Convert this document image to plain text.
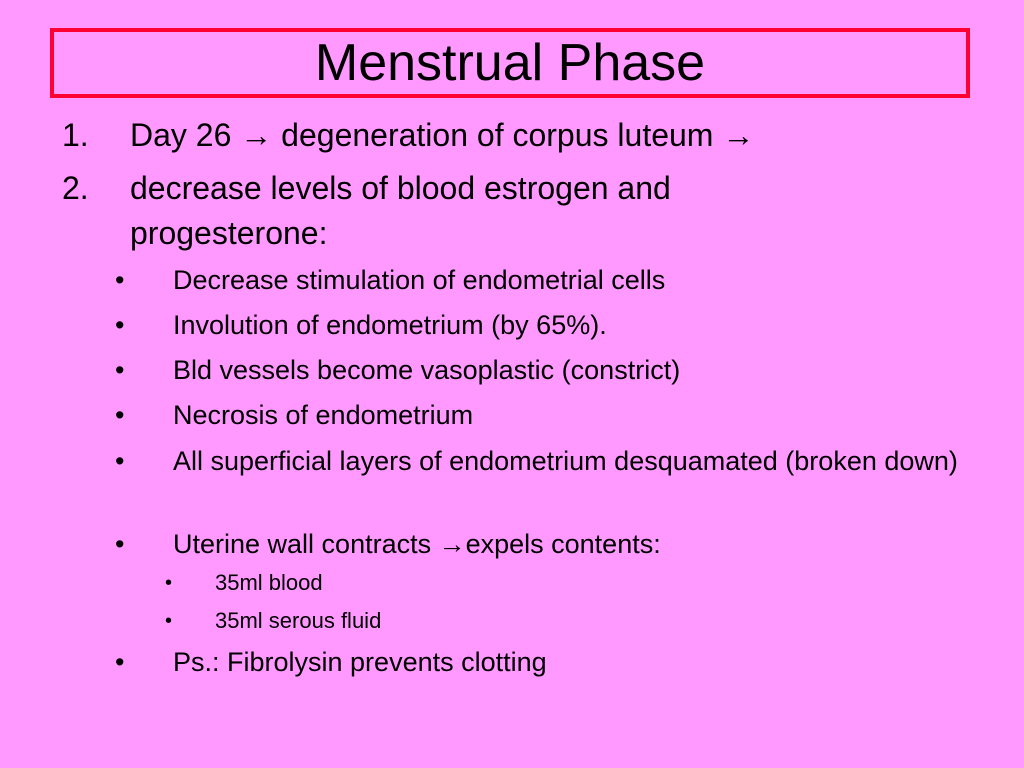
Menstrual Phase
1. Day 26 → degeneration of corpus luteum →
2. decrease levels of blood estrogen and progesterone:
• Decrease stimulation of endometrial cells
• Involution of endometrium (by 65%).
• Bld vessels become vasoplastic (constrict)
• Necrosis of endometrium
• All superficial layers of endometrium desquamated (broken down)
• Uterine wall contracts →expels contents:
• 35ml blood
• 35ml serous fluid
• Ps.: Fibrolysin prevents clotting
